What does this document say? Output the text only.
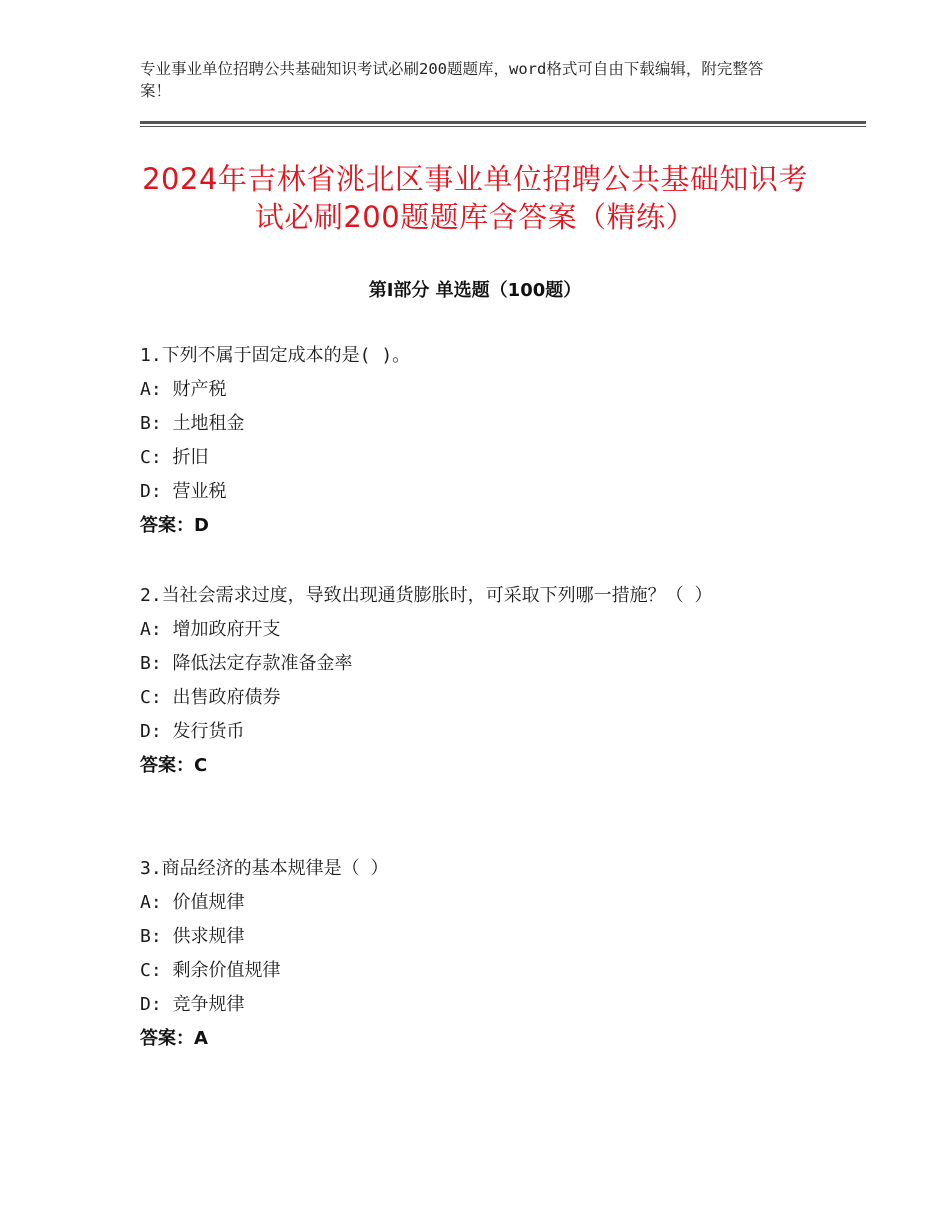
专业事业单位招聘公共基础知识考试必刷200题题库，word格式可自由下载编辑，附完整答案！
2024年吉林省洮北区事业单位招聘公共基础知识考试必刷200题题库含答案（精练）
第Ⅰ部分 单选题（100题）
1.下列不属于固定成本的是( )。
A: 财产税
B: 土地租金
C: 折旧
D: 营业税
答案：D
2.当社会需求过度，导致出现通货膨胀时，可采取下列哪一措施？（ ）
A: 增加政府开支
B: 降低法定存款准备金率
C: 出售政府债券
D: 发行货币
答案：C
3.商品经济的基本规律是（ ）
A: 价值规律
B: 供求规律
C: 剩余价值规律
D: 竞争规律
答案：A
